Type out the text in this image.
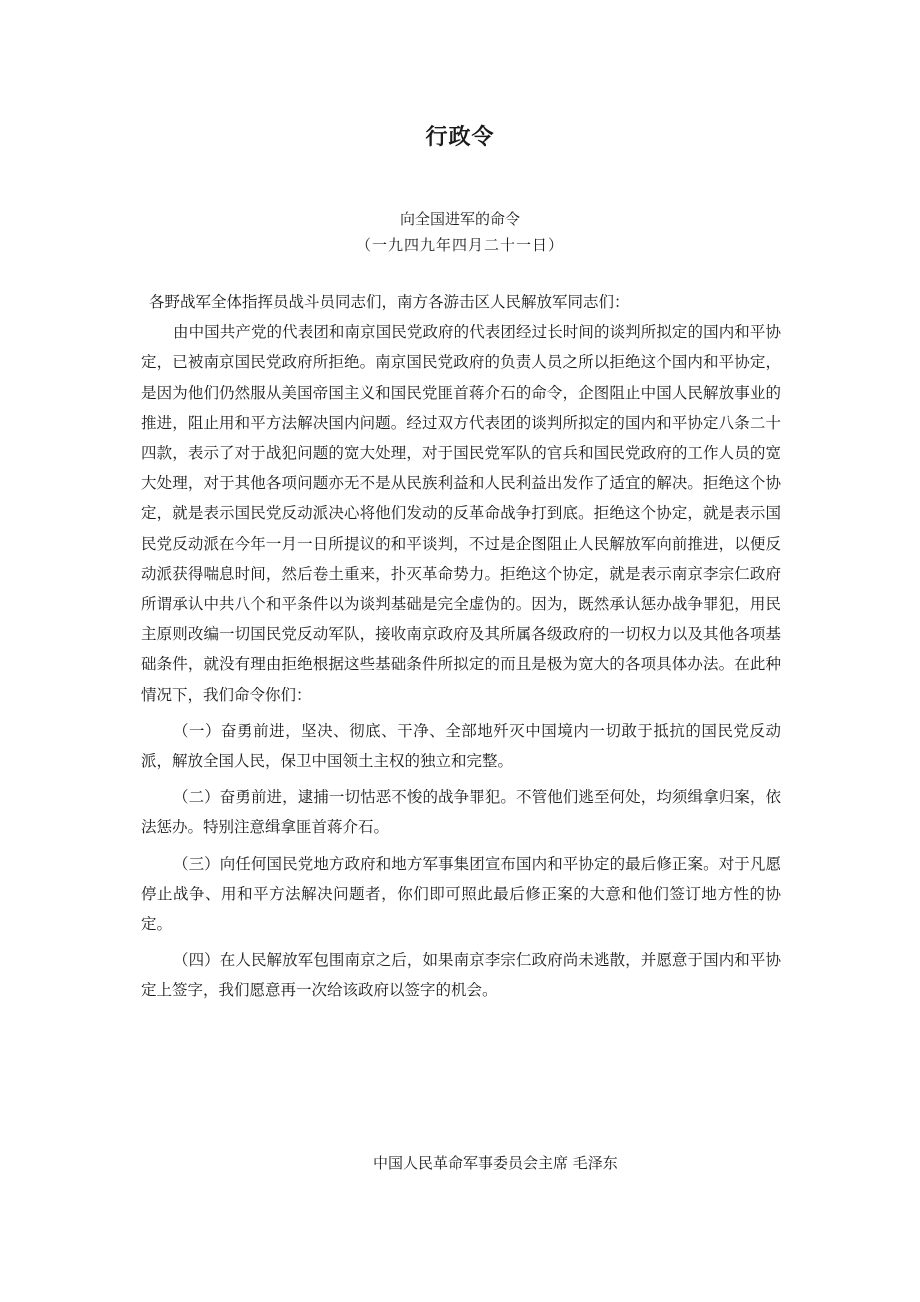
行政令
向全国进军的命令
（一九四九年四月二十一日）

各野战军全体指挥员战斗员同志们，南方各游击区人民解放军同志们：

由中国共产党的代表团和南京国民党政府的代表团经过长时间的谈判所拟定的国内和平协定，已被南京国民党政府所拒绝。南京国民党政府的负责人员之所以拒绝这个国内和平协定，是因为他们仍然服从美国帝国主义和国民党匪首蒋介石的命令，企图阻止中国人民解放事业的推进，阻止用和平方法解决国内问题。经过双方代表团的谈判所拟定的国内和平协定八条二十四款，表示了对于战犯问题的宽大处理，对于国民党军队的官兵和国民党政府的工作人员的宽大处理，对于其他各项问题亦无不是从民族利益和人民利益出发作了适宜的解决。拒绝这个协定，就是表示国民党反动派决心将他们发动的反革命战争打到底。拒绝这个协定，就是表示国民党反动派在今年一月一日所提议的和平谈判，不过是企图阻止人民解放军向前推进，以便反动派获得喘息时间，然后卷土重来，扑灭革命势力。拒绝这个协定，就是表示南京李宗仁政府所谓承认中共八个和平条件以为谈判基础是完全虚伪的。因为，既然承认惩办战争罪犯，用民主原则改编一切国民党反动军队，接收南京政府及其所属各级政府的一切权力以及其他各项基础条件，就没有理由拒绝根据这些基础条件所拟定的而且是极为宽大的各项具体办法。在此种情况下，我们命令你们：

（一）奋勇前进，坚决、彻底、干净、全部地歼灭中国境内一切敢于抵抗的国民党反动派，解放全国人民，保卫中国领土主权的独立和完整。

（二）奋勇前进，逮捕一切怙恶不悛的战争罪犯。不管他们逃至何处，均须缉拿归案，依法惩办。特别注意缉拿匪首蒋介石。

（三）向任何国民党地方政府和地方军事集团宣布国内和平协定的最后修正案。对于凡愿停止战争、用和平方法解决问题者，你们即可照此最后修正案的大意和他们签订地方性的协定。

（四）在人民解放军包围南京之后，如果南京李宗仁政府尚未逃散，并愿意于国内和平协定上签字，我们愿意再一次给该政府以签字的机会。

中国人民革命军事委员会主席 毛泽东
